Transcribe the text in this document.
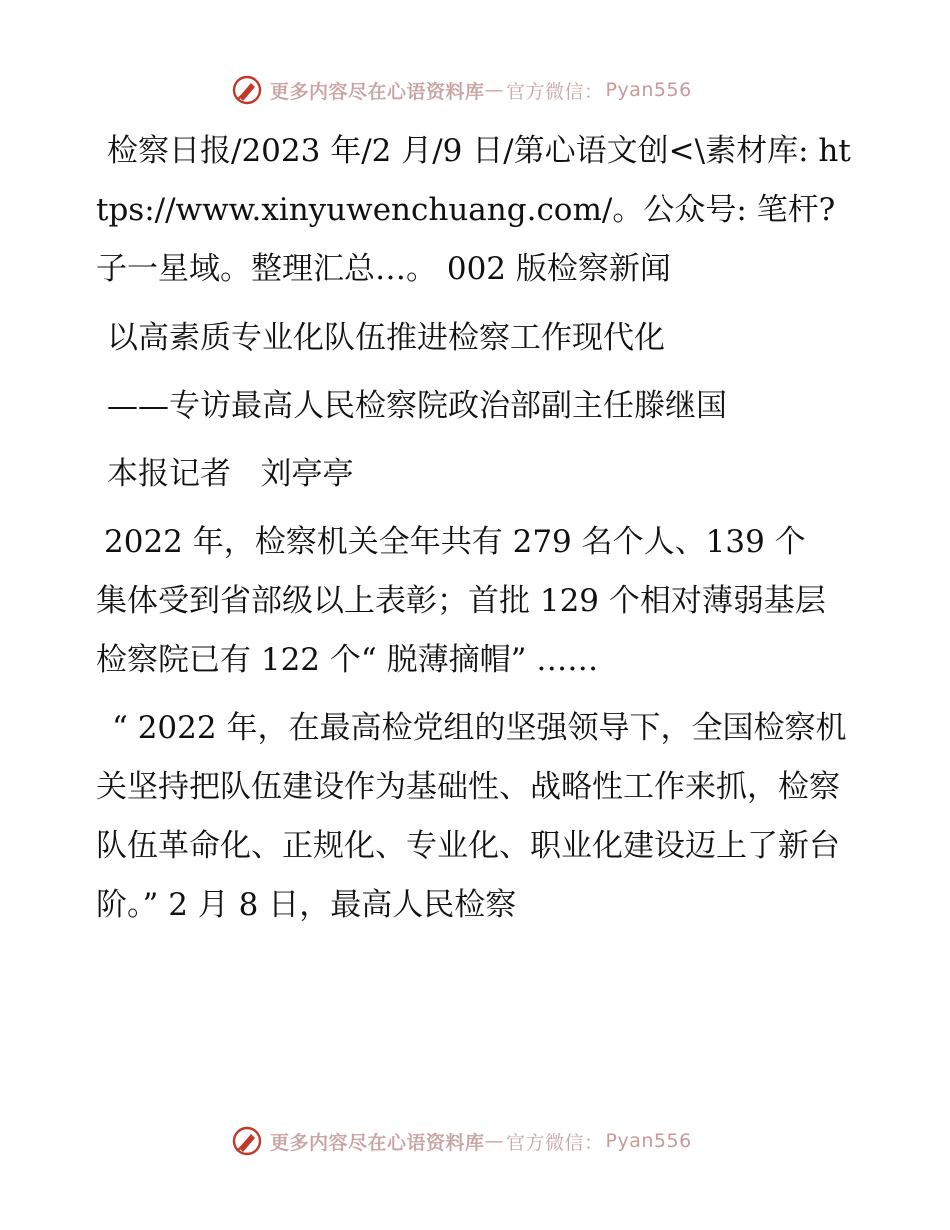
更多内容尽在心语资料库 — 官方微信： Pyan556

检察日报/2023 年/2 月/9 日/第心语文创<\素材库: https://www.xinyuwenchuang.com/。公众号: 笔杆?子一星域。整理汇总…。 002 版检察新闻

以高素质专业化队伍推进检察工作现代化

——专访最高人民检察院政治部副主任滕继国

本报记者   刘亭亭

2022 年，检察机关全年共有 279 名个人、139 个集体受到省部级以上表彰；首批 129 个相对薄弱基层检察院已有 122 个“ 脱薄摘帽” ……

“ 2022 年，在最高检党组的坚强领导下，全国检察机关坚持把队伍建设作为基础性、战略性工作来抓，检察队伍革命化、正规化、专业化、职业化建设迈上了新台阶。” 2 月 8 日，最高人民检察

更多内容尽在心语资料库 — 官方微信： Pyan556
